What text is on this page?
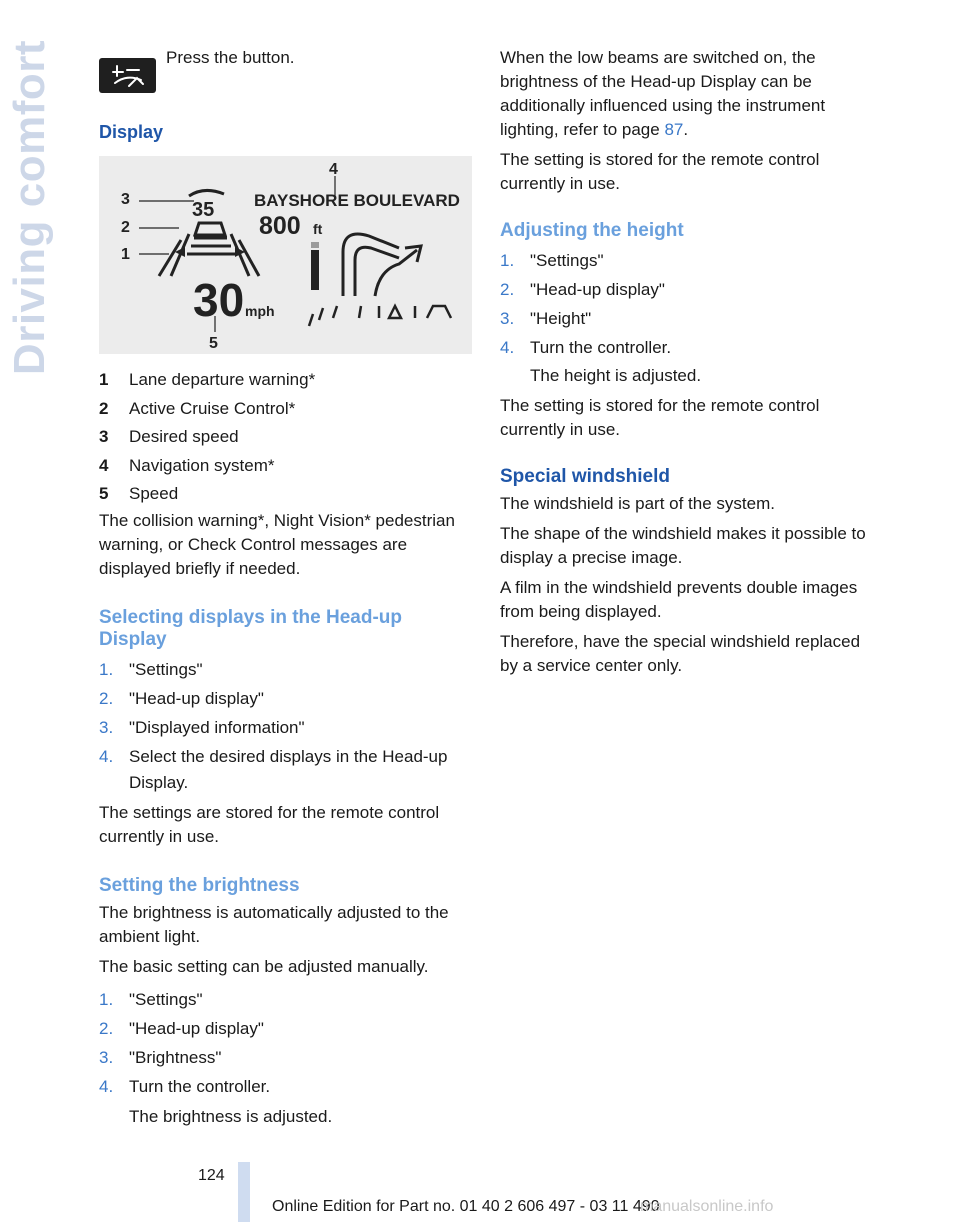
Driving comfort	Press the button.
Display
3
2
1
4
5
35
30 mph
BAYSHORE BOULEVARD
800 ft
1	Lane departure warning*
2	Active Cruise Control*
3	Desired speed
4	Navigation system*
5	Speed

The collision warning*, Night Vision* pedestrian warning, or Check Control messages are displayed briefly if needed.

Selecting displays in the Head-up Display
1. "Settings"
2. "Head-up display"
3. "Displayed information"
4. Select the desired displays in the Head-up
Display.

The settings are stored for the remote control currently in use.

Setting the brightness

The brightness is automatically adjusted to the ambient light.

The basic setting can be adjusted manually.

1. "Settings"
2. "Head-up display"
3. "Brightness"
4. Turn the controller.
The brightness is adjusted.

When the low beams are switched on, the brightness of the Head-up Display can be additionally influenced using the instrument lighting, refer to page 87.

The setting is stored for the remote control currently in use.

Adjusting the height
1. "Settings"
2. "Head-up display"
3. "Height"
4. Turn the controller.
The height is adjusted.

The setting is stored for the remote control currently in use.

Special windshield

The windshield is part of the system.

The shape of the windshield makes it possible to display a precise image.

A film in the windshield prevents double images from being displayed.

Therefore, have the special windshield replaced by a service center only.

124
Online Edition for Part no. 01 40 2 606 497 - 03 11 490
manualsonline.info
